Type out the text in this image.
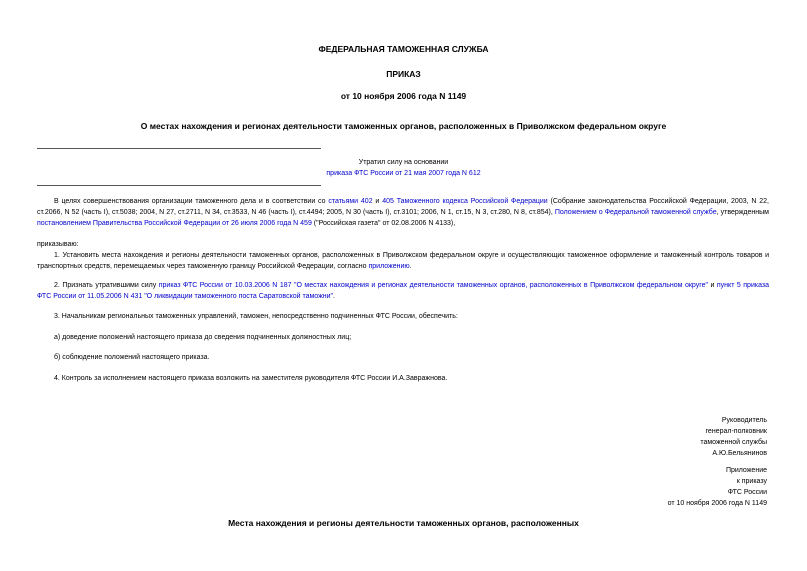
ФЕДЕРАЛЬНАЯ ТАМОЖЕННАЯ СЛУЖБА
ПРИКАЗ
от 10 ноября 2006 года N 1149
О местах нахождения и регионах деятельности таможенных органов, расположенных в Приволжском федеральном округе
Утратил силу на основании
приказа ФТС России от 21 мая 2007 года N 612
В целях совершенствования организации таможенного дела и в соответствии со статьями 402 и 405 Таможенного кодекса Российской Федерации (Собрание законодательства Российской Федерации, 2003, N 22, ст.2066, N 52 (часть I), ст.5038; 2004, N 27, ст.2711, N 34, ст.3533, N 46 (часть I), ст.4494; 2005, N 30 (часть I), ст.3101; 2006, N 1, ст.15, N 3, ст.280, N 8, ст.854), Положением о Федеральной таможенной службе, утвержденным постановлением Правительства Российской Федерации от 26 июля 2006 года N 459 ("Российская газета" от 02.08.2006 N 4133),
приказываю:
1. Установить места нахождения и регионы деятельности таможенных органов, расположенных в Приволжском федеральном округе и осуществляющих таможенное оформление и таможенный контроль товаров и транспортных средств, перемещаемых через таможенную границу Российской Федерации, согласно приложению.
2. Признать утратившими силу приказ ФТС России от 10.03.2006 N 187 "О местах нахождения и регионах деятельности таможенных органов, расположенных в Приволжском федеральном округе" и пункт 5 приказа ФТС России от 11.05.2006 N 431 "О ликвидации таможенного поста Саратовской таможни".
3. Начальникам региональных таможенных управлений, таможен, непосредственно подчиненных ФТС России, обеспечить:
а) доведение положений настоящего приказа до сведения подчиненных должностных лиц;
б) соблюдение положений настоящего приказа.
4. Контроль за исполнением настоящего приказа возложить на заместителя руководителя ФТС России И.А.Завражнова.
Руководитель
генерал-полковник
таможенной службы
А.Ю.Бельянинов
Приложение
к приказу
ФТС России
от 10 ноября 2006 года N 1149
Места нахождения и регионы деятельности таможенных органов, расположенных
